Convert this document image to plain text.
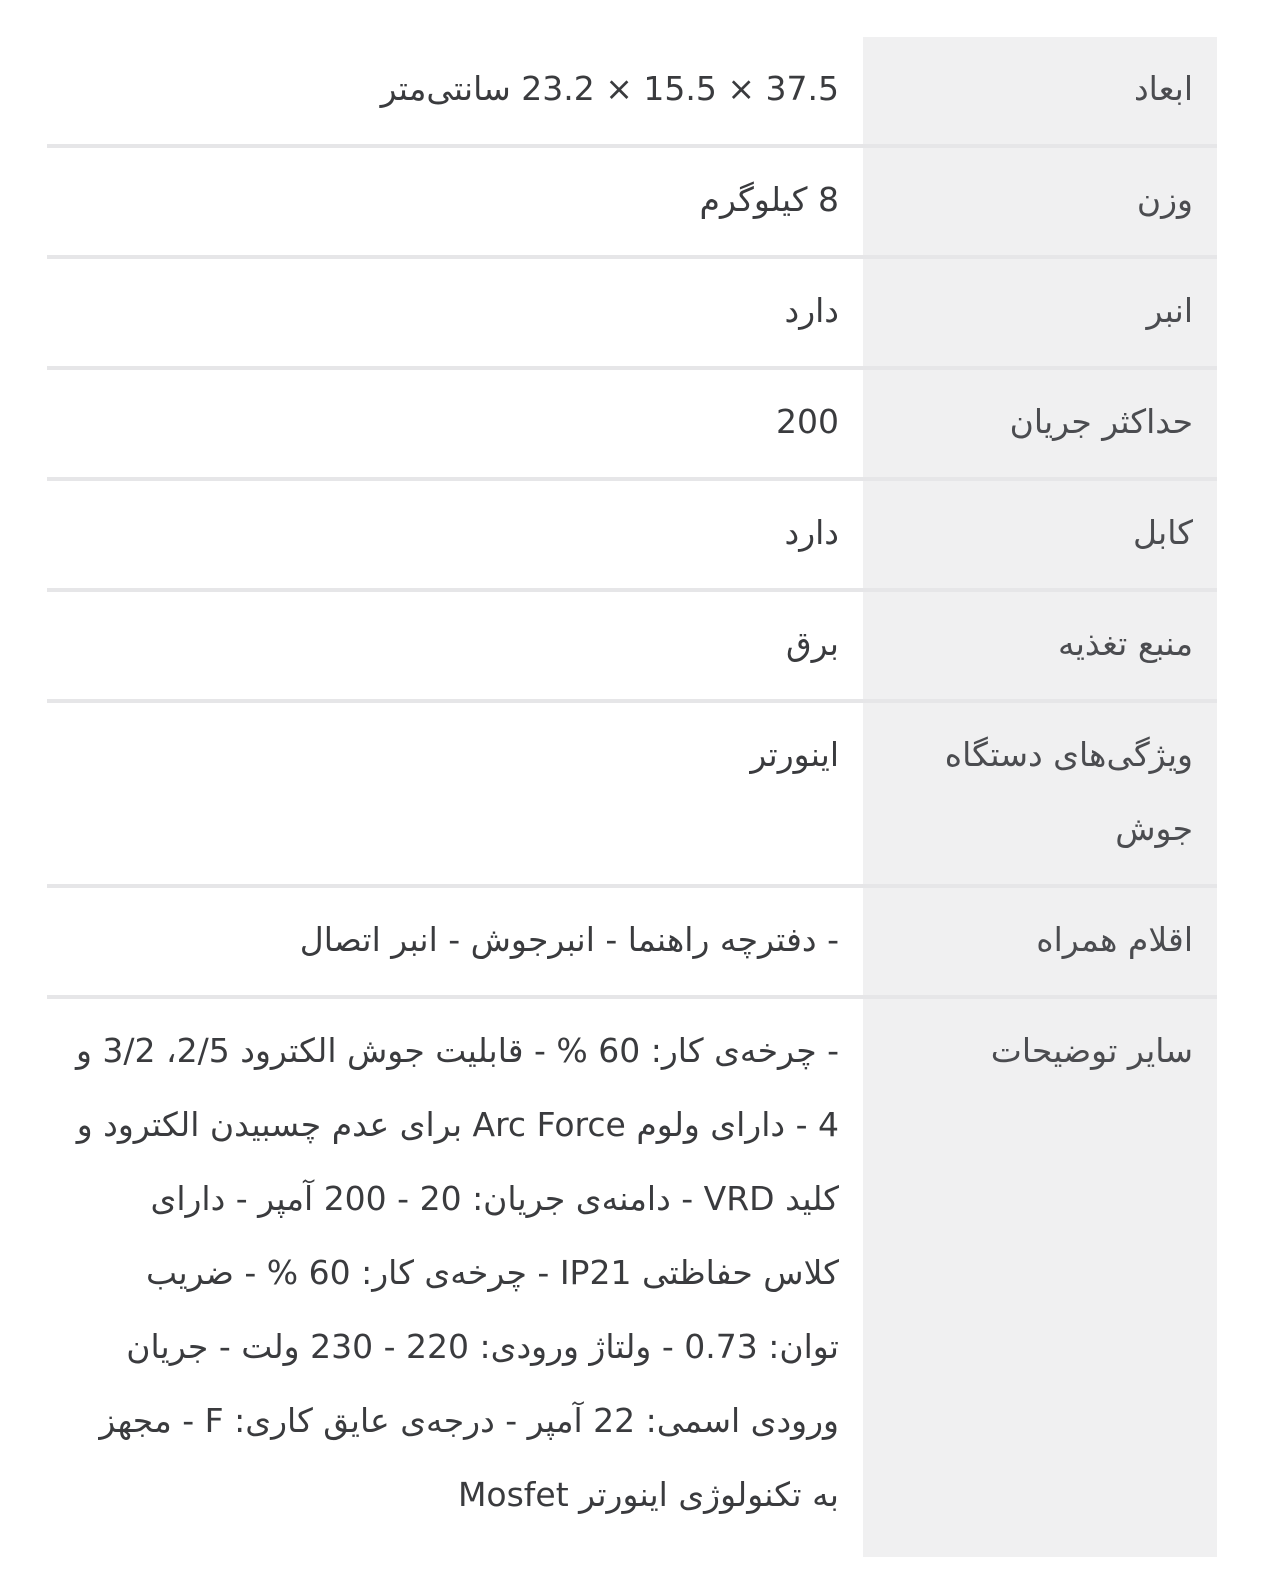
ابعاد
37.5 × 15.5 × 23.2 سانتی‌متر
وزن
8 کیلوگرم
انبر
دارد
حداکثر جریان
200
کابل
دارد
منبع تغذیه
برق
ویژگی‌های دستگاه جوش
اینورتر
اقلام همراه
- دفترچه راهنما - انبرجوش - انبر اتصال
سایر توضیحات
- چرخه‌ی کار: 60 % - قابلیت جوش الکترود 2/5، 3/2 و 4 - دارای ولوم Arc Force برای عدم چسبیدن الکترود و کلید VRD - دامنه‌ی جریان: 20 - 200 آمپر - دارای کلاس حفاظتی IP21 - چرخه‌ی کار: 60 % - ضریب توان: 0.73 - ولتاژ ورودی: 220 - 230 ولت - جریان ورودی اسمی: 22 آمپر - درجه‌ی عایق کاری: F - مجهز به تکنولوژی اینورتر Mosfet
